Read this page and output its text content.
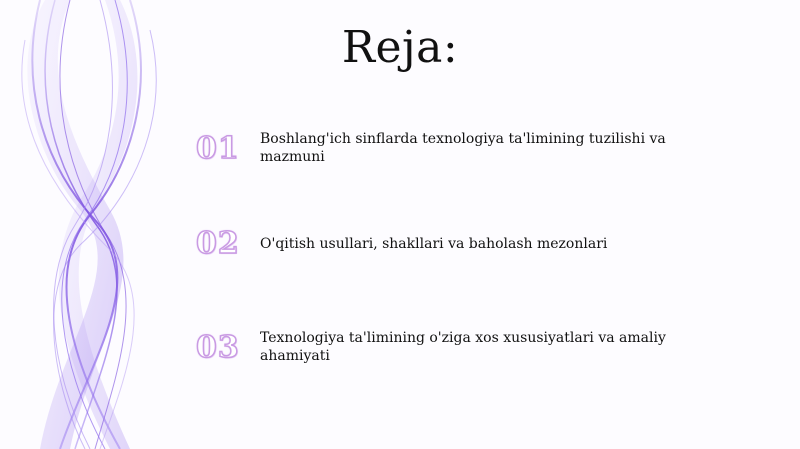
Reja:
01	Boshlang'ich sinflarda texnologiya ta'limining tuzilishi va mazmuni
02	O'qitish usullari, shakllari va baholash mezonlari
03	Texnologiya ta'limining o'ziga xos xususiyatlari va amaliy ahamiyati
